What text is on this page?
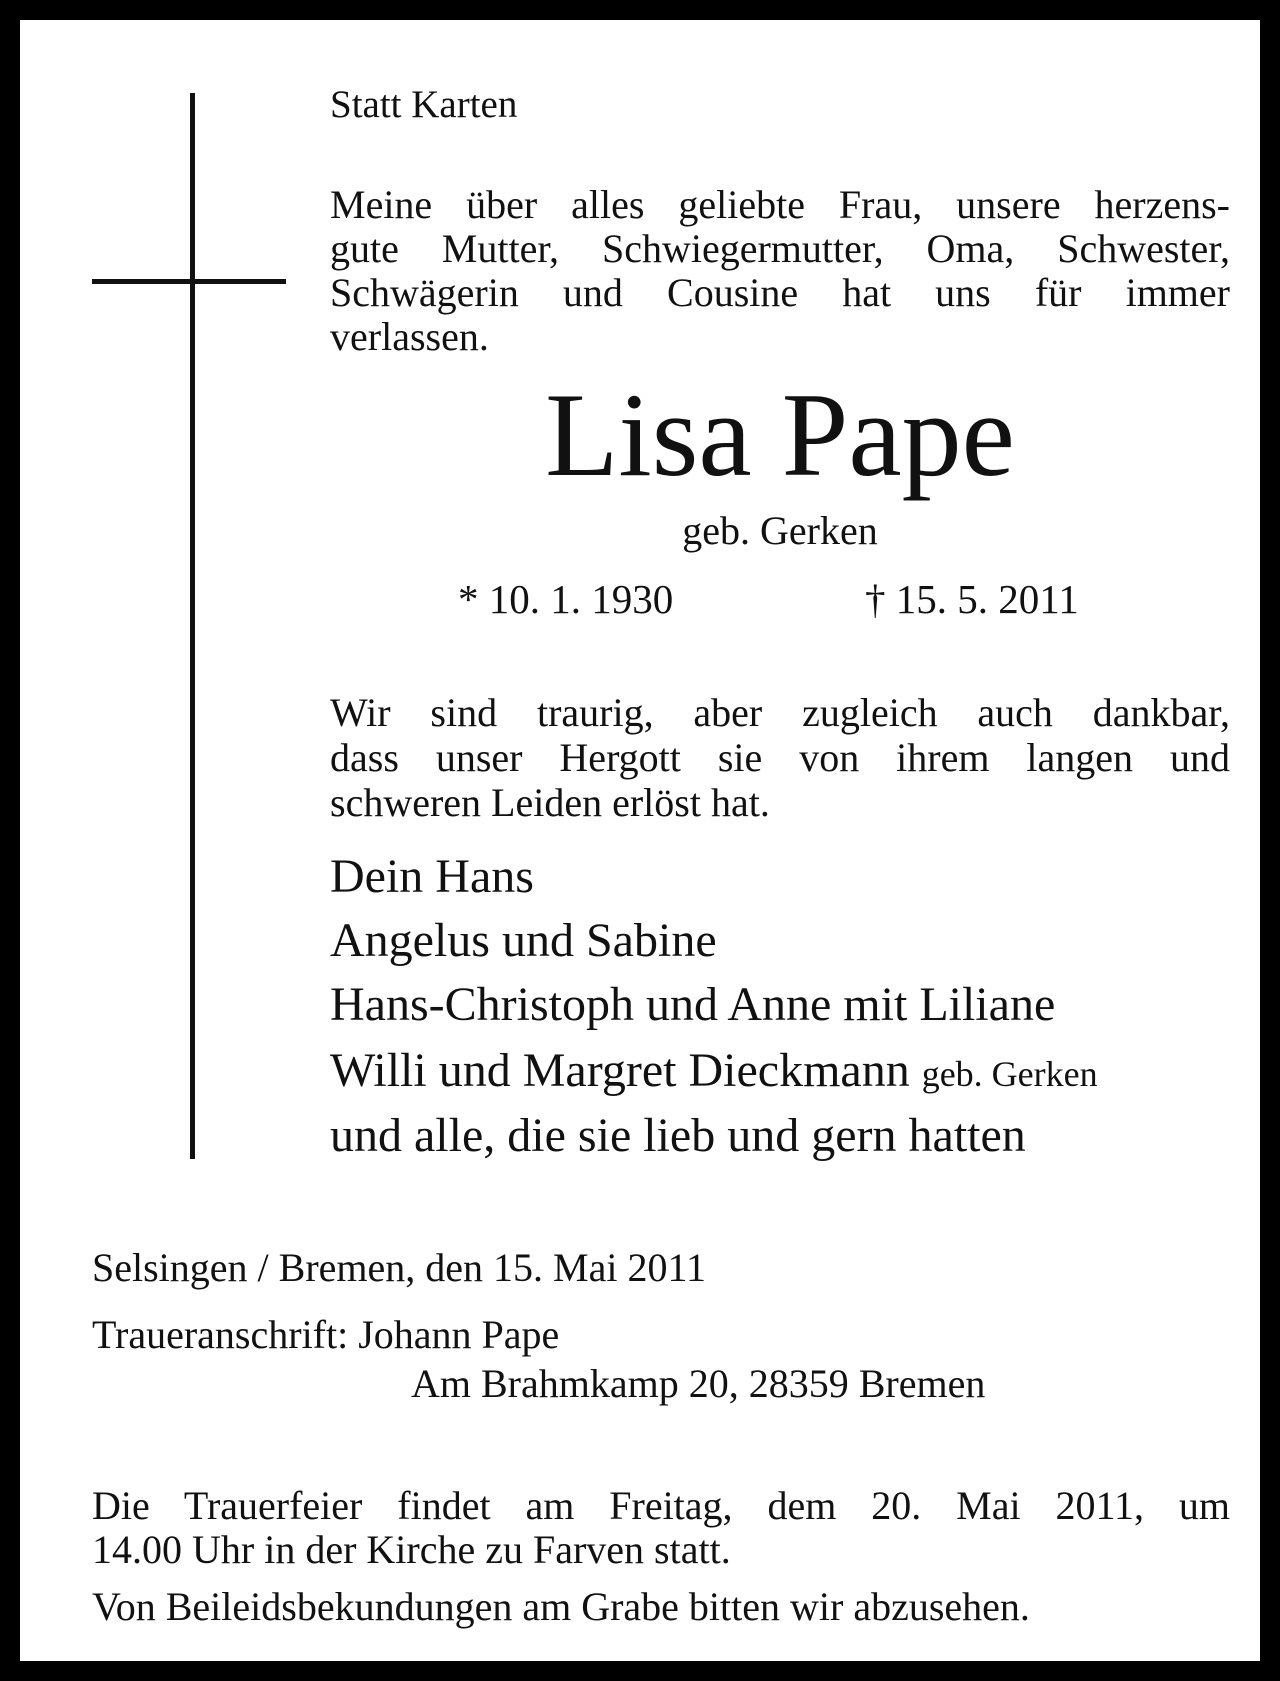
Statt Karten
Meine über alles geliebte Frau, unsere herzens-
gute Mutter, Schwiegermutter, Oma, Schwester,
Schwägerin und Cousine hat uns für immer
verlassen.
Lisa Pape
geb. Gerken
* 10. 1. 1930	† 15. 5. 2011
Wir sind traurig, aber zugleich auch dankbar,
dass unser Hergott sie von ihrem langen und
schweren Leiden erlöst hat.
Dein Hans
Angelus und Sabine
Hans-Christoph und Anne mit Liliane
Willi und Margret Dieckmann geb. Gerken
und alle, die sie lieb und gern hatten
Selsingen / Bremen, den 15. Mai 2011
Traueranschrift: Johann Pape
Am Brahmkamp 20, 28359 Bremen
Die Trauerfeier findet am Freitag, dem 20. Mai 2011, um
14.00 Uhr in der Kirche zu Farven statt.
Von Beileidsbekundungen am Grabe bitten wir abzusehen.
